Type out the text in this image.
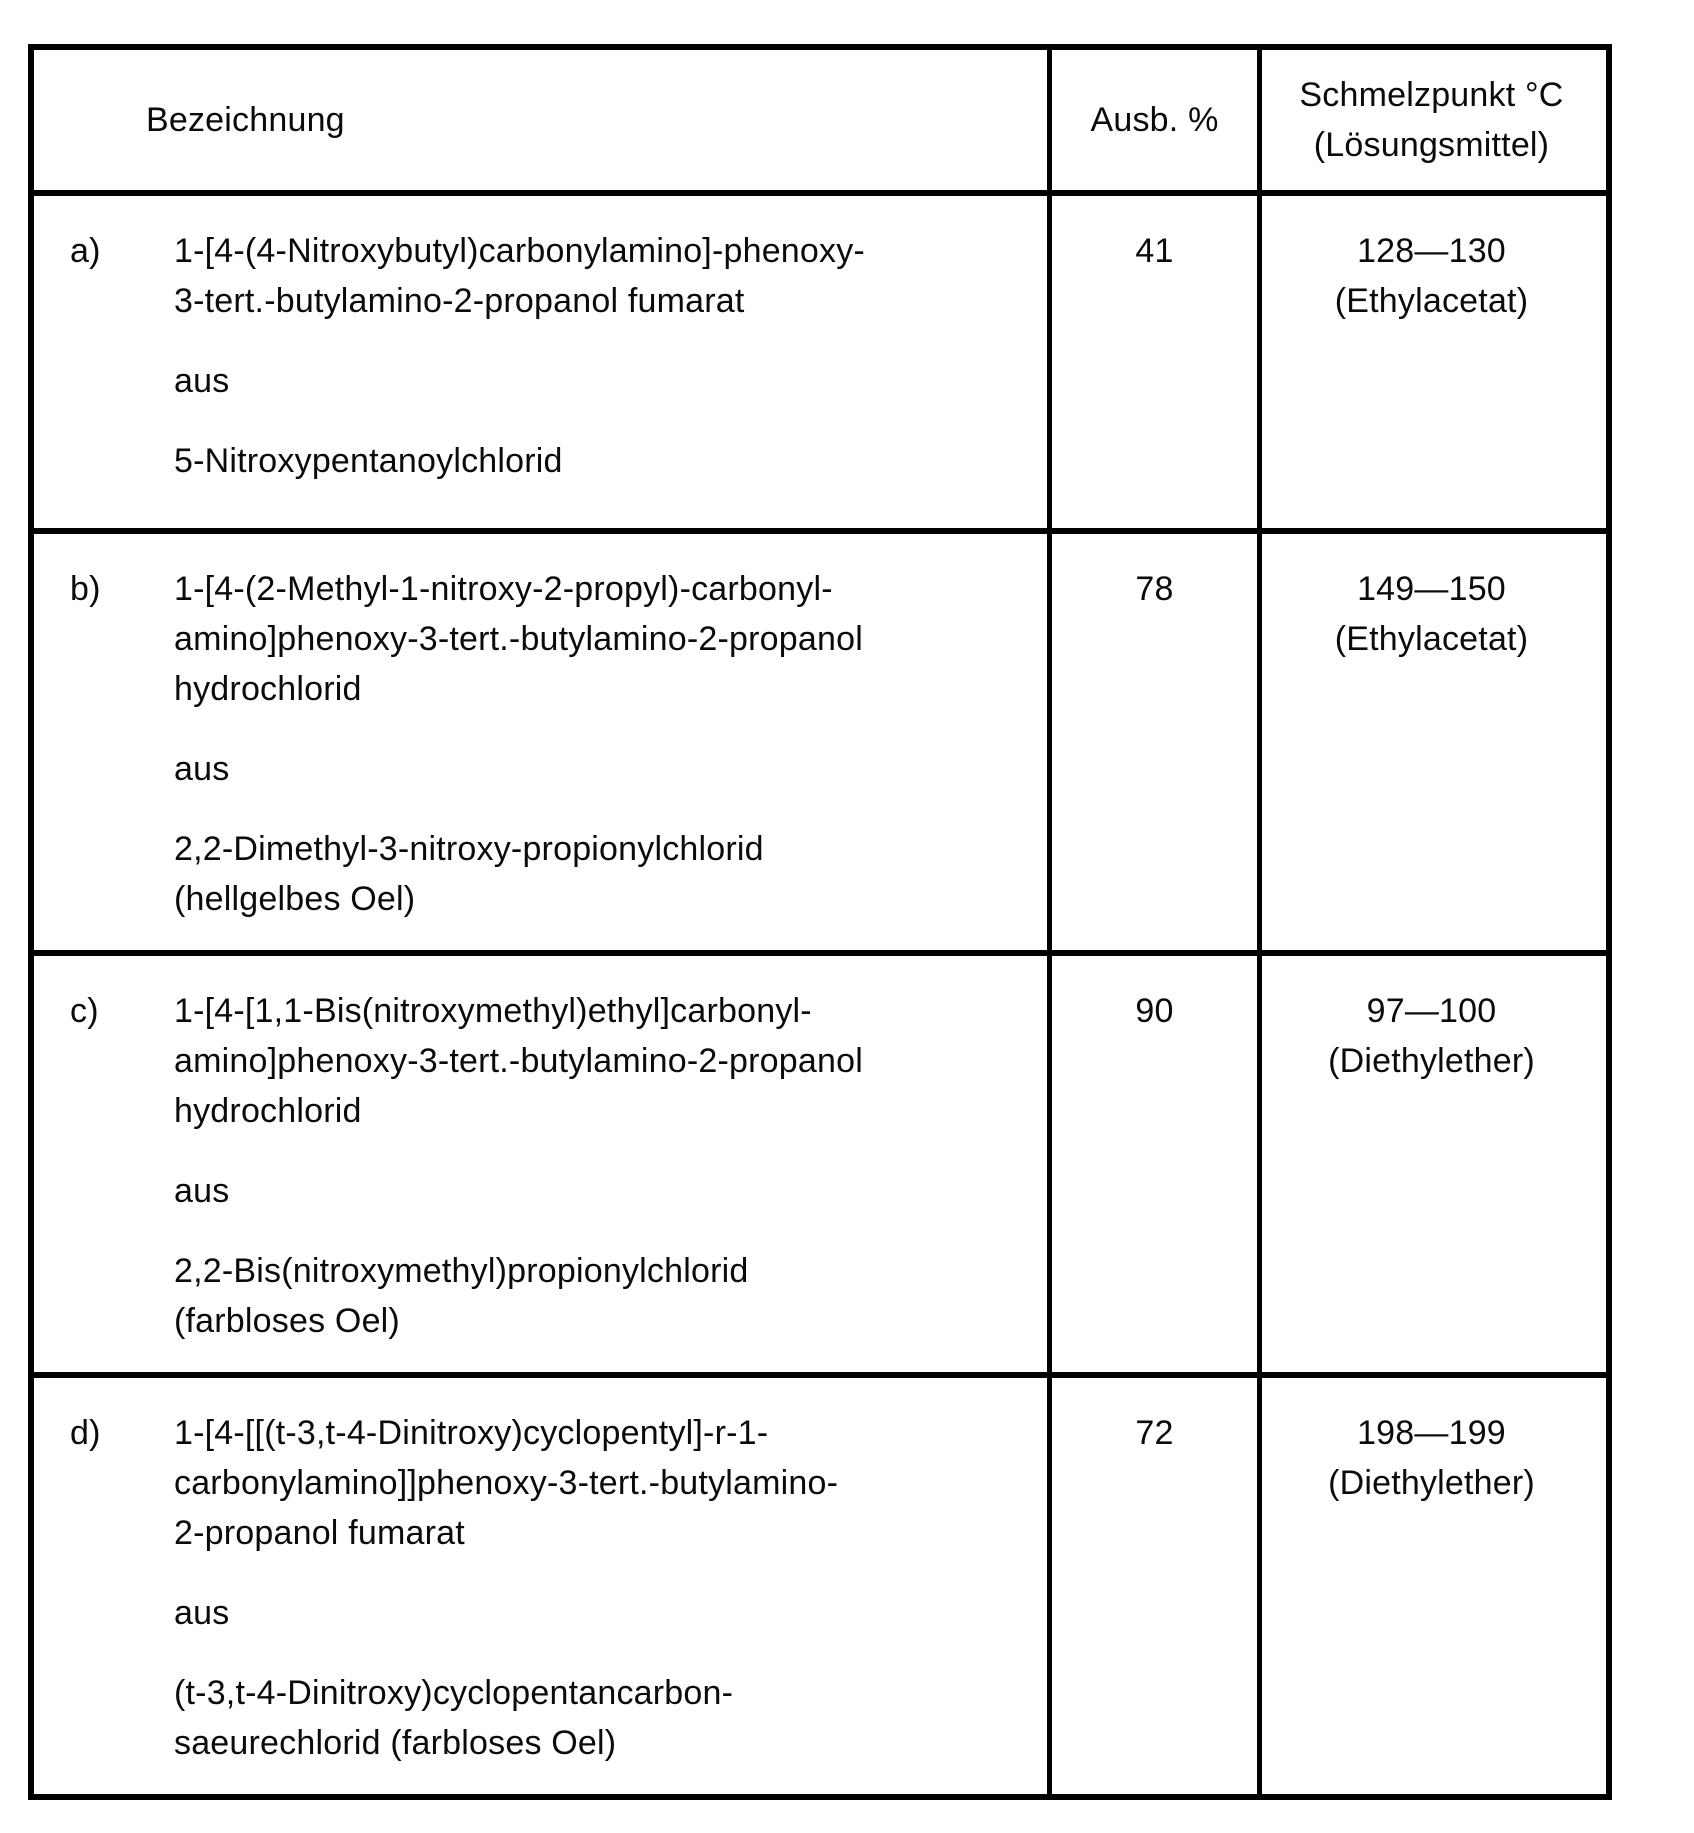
Bezeichnung	Ausb. %
Schmelzpunkt °C
(Lösungsmittel)
a)	1-[4-(4-Nitroxybutyl)carbonylamino]-phenoxy-
3-tert.-butylamino-2-propanol fumarat
aus
5-Nitroxypentanoylchlorid
41	128—130
(Ethylacetat)
b)	1-[4-(2-Methyl-1-nitroxy-2-propyl)-carbonyl-
amino]phenoxy-3-tert.-butylamino-2-propanol
hydrochlorid
aus
2,2-Dimethyl-3-nitroxy-propionylchlorid
(hellgelbes Oel)
78	149—150
(Ethylacetat)
c)	1-[4-[1,1-Bis(nitroxymethyl)ethyl]carbonyl-
amino]phenoxy-3-tert.-butylamino-2-propanol
hydrochlorid
aus
2,2-Bis(nitroxymethyl)propionylchlorid
(farbloses Oel)
90	97—100
(Diethylether)
d)	1-[4-[[(t-3,t-4-Dinitroxy)cyclopentyl]-r-1-
carbonylamino]]phenoxy-3-tert.-butylamino-
2-propanol fumarat
aus
(t-3,t-4-Dinitroxy)cyclopentancarbon-
saeurechlorid (farbloses Oel)
72	198—199
(Diethylether)
